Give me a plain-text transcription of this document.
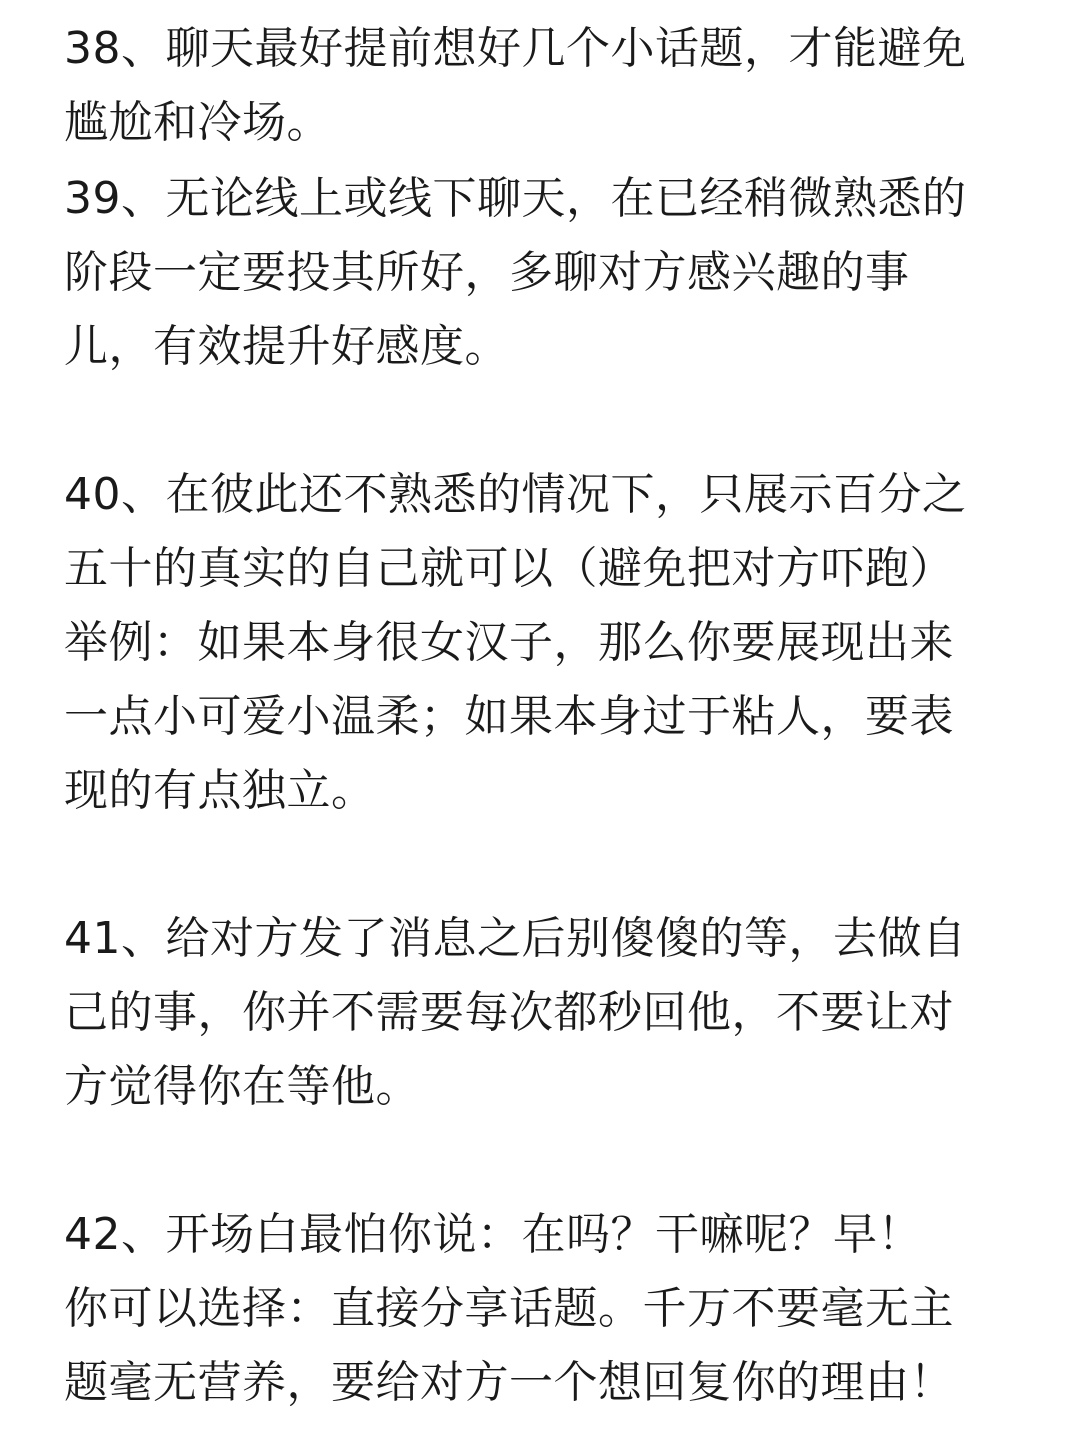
38、聊天最好提前想好几个小话题，才能避免
尴尬和冷场。
39、无论线上或线下聊天，在已经稍微熟悉的
阶段一定要投其所好，多聊对方感兴趣的事
儿，有效提升好感度。
40、在彼此还不熟悉的情况下，只展示百分之
五十的真实的自己就可以（避免把对方吓跑）
举例：如果本身很女汉子，那么你要展现出来
一点小可爱小温柔；如果本身过于粘人，要表
现的有点独立。
41、给对方发了消息之后别傻傻的等，去做自
己的事，你并不需要每次都秒回他，不要让对
方觉得你在等他。
42、开场白最怕你说：在吗？干嘛呢？早！
你可以选择：直接分享话题。千万不要毫无主
题毫无营养，要给对方一个想回复你的理由！
